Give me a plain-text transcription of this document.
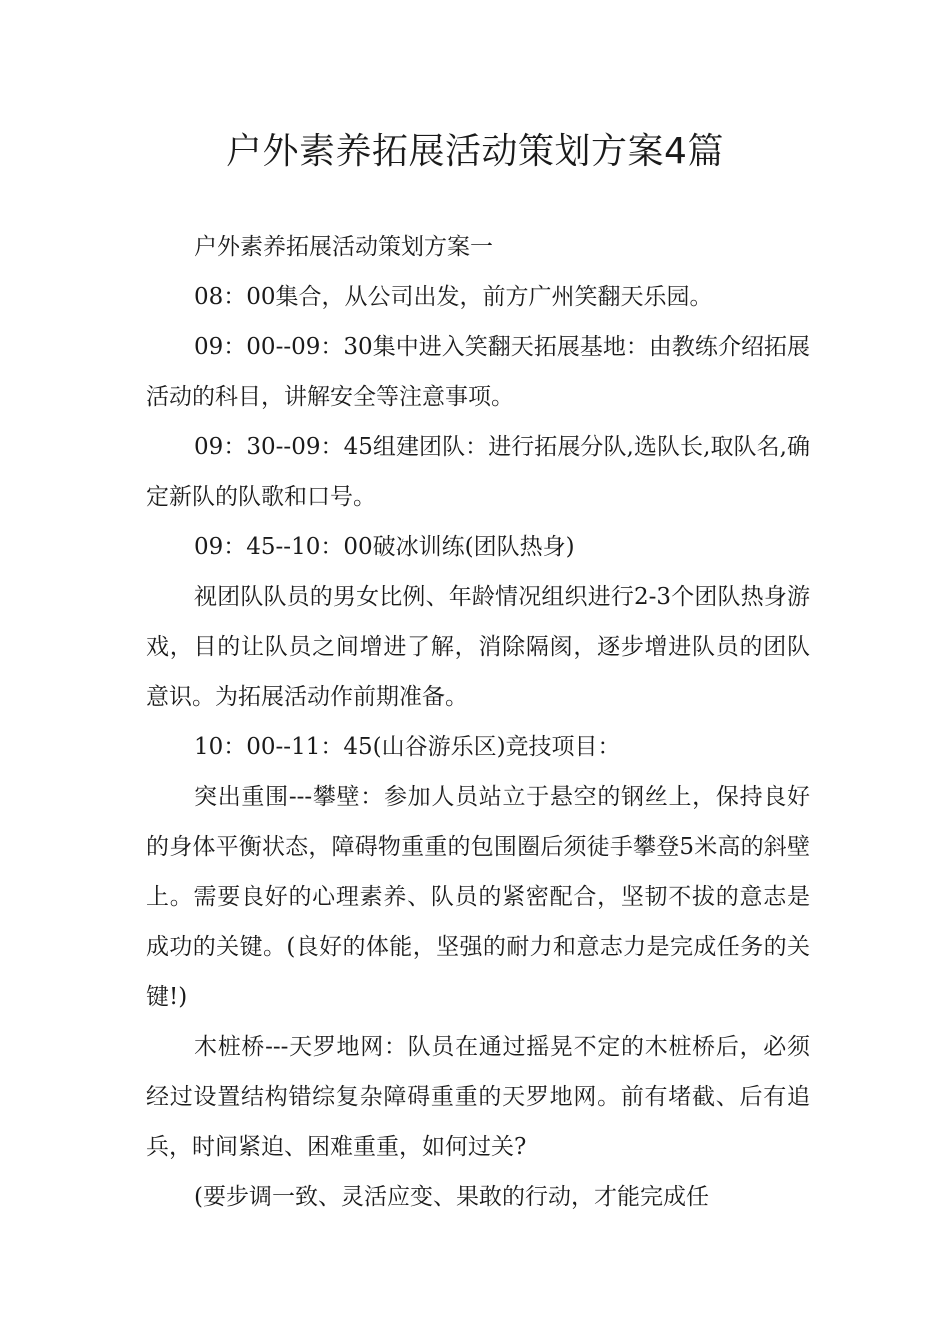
户外素养拓展活动策划方案4篇

户外素养拓展活动策划方案一

08：00集合，从公司出发，前方广州笑翻天乐园。

09：00--09：30集中进入笑翻天拓展基地：由教练介绍拓展活动的科目，讲解安全等注意事项。

09：30--09：45组建团队：进行拓展分队,选队长,取队名,确定新队的队歌和口号。

09：45--10：00破冰训练(团队热身)

视团队队员的男女比例、年龄情况组织进行2-3个团队热身游戏，目的让队员之间增进了解，消除隔阂，逐步增进队员的团队意识。为拓展活动作前期准备。

10：00--11：45(山谷游乐区)竞技项目：

突出重围---攀壁：参加人员站立于悬空的钢丝上，保持良好的身体平衡状态，障碍物重重的包围圈后须徒手攀登5米高的斜壁上。需要良好的心理素养、队员的紧密配合，坚韧不拔的意志是成功的关键。(良好的体能，坚强的耐力和意志力是完成任务的关键!)

木桩桥---天罗地网：队员在通过摇晃不定的木桩桥后，必须经过设置结构错综复杂障碍重重的天罗地网。前有堵截、后有追兵，时间紧迫、困难重重，如何过关?

(要步调一致、灵活应变、果敢的行动，才能完成任
